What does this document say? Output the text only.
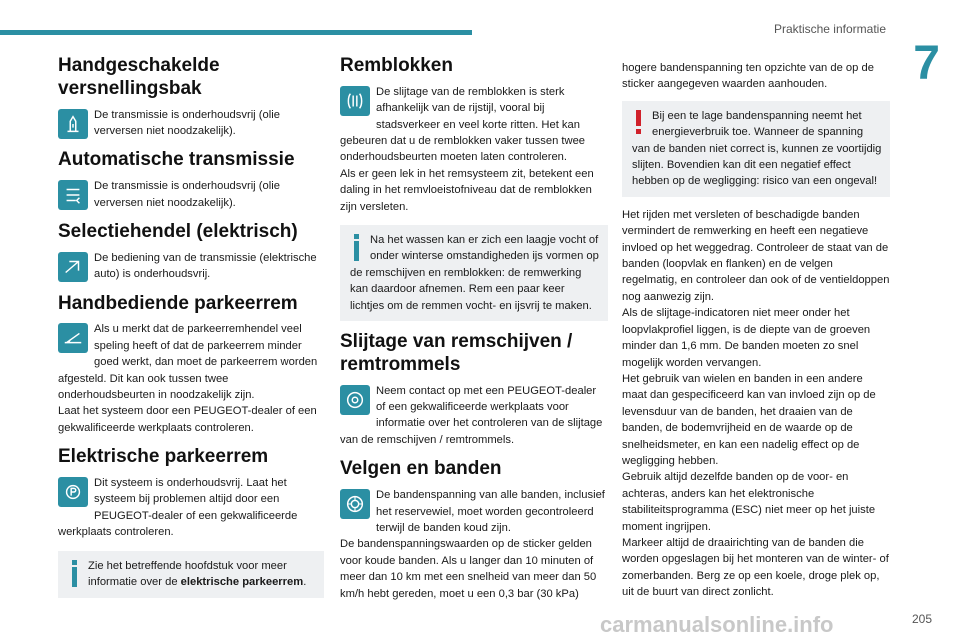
Praktische informatie
7
Handgeschakelde versnellingsbak
De transmissie is onderhoudsvrij (olie verversen niet noodzakelijk).
Automatische transmissie
De transmissie is onderhoudsvrij (olie verversen niet noodzakelijk).
Selectiehendel (elektrisch)
De bediening van de transmissie (elektrische auto) is onderhoudsvrij.
Handbediende parkeerrem
Als u merkt dat de parkeerremhendel veel speling heeft of dat de parkeerrem minder goed werkt, dan moet de parkeerrem worden afgesteld. Dit kan ook tussen twee onderhoudsbeurten in noodzakelijk zijn.
Laat het systeem door een PEUGEOT-dealer of een gekwalificeerde werkplaats controleren.
Elektrische parkeerrem
Dit systeem is onderhoudsvrij. Laat het systeem bij problemen altijd door een PEUGEOT-dealer of een gekwalificeerde werkplaats controleren.
Zie het betreffende hoofdstuk voor meer informatie over de elektrische parkeerrem.
Remblokken
De slijtage van de remblokken is sterk afhankelijk van de rijstijl, vooral bij stadsverkeer en veel korte ritten. Het kan gebeuren dat u de remblokken vaker tussen twee onderhoudsbeurten moeten laten controleren.
Als er geen lek in het remsysteem zit, betekent een daling in het remvloeistofniveau dat de remblokken zijn versleten.
Na het wassen kan er zich een laagje vocht of onder winterse omstandigheden ijs vormen op de remschijven en remblokken: de remwerking kan daardoor afnemen. Rem een paar keer lichtjes om de remmen vocht- en ijsvrij te maken.
Slijtage van remschijven / remtrommels
Neem contact op met een PEUGEOT-dealer of een gekwalificeerde werkplaats voor informatie over het controleren van de slijtage van de remschijven / remtrommels.
Velgen en banden
De bandenspanning van alle banden, inclusief het reservewiel, moet worden gecontroleerd terwijl de banden koud zijn.
De bandenspanningswaarden op de sticker gelden voor koude banden. Als u langer dan 10 minuten of meer dan 10 km met een snelheid van meer dan 50 km/h hebt gereden, moet u een 0,3 bar (30 kPa)
hogere bandenspanning ten opzichte van de op de sticker aangegeven waarden aanhouden.
Bij een te lage bandenspanning neemt het energieverbruik toe. Wanneer de spanning van de banden niet correct is, kunnen ze voortijdig slijten. Bovendien kan dit een negatief effect hebben op de wegligging: risico van een ongeval!
Het rijden met versleten of beschadigde banden vermindert de remwerking en heeft een negatieve invloed op het weggedrag. Controleer de staat van de banden (loopvlak en flanken) en de velgen regelmatig, en controleer dan ook of de ventieldoppen nog aanwezig zijn.
Als de slijtage-indicatoren niet meer onder het loopvlakprofiel liggen, is de diepte van de groeven minder dan 1,6 mm. De banden moeten zo snel mogelijk worden vervangen.
Het gebruik van wielen en banden in een andere maat dan gespecificeerd kan van invloed zijn op de levensduur van de banden, het draaien van de banden, de bodemvrijheid en de waarde op de snelheidsmeter, en kan een nadelig effect op de wegligging hebben.
Gebruik altijd dezelfde banden op de voor- en achteras, anders kan het elektronische stabiliteitsprogramma (ESC) niet meer op het juiste moment ingrijpen.
Markeer altijd de draairichting van de banden die worden opgeslagen bij het monteren van de winter- of zomerbanden. Berg ze op een koele, droge plek op, uit de buurt van direct zonlicht.
carmanualsonline.info	205
